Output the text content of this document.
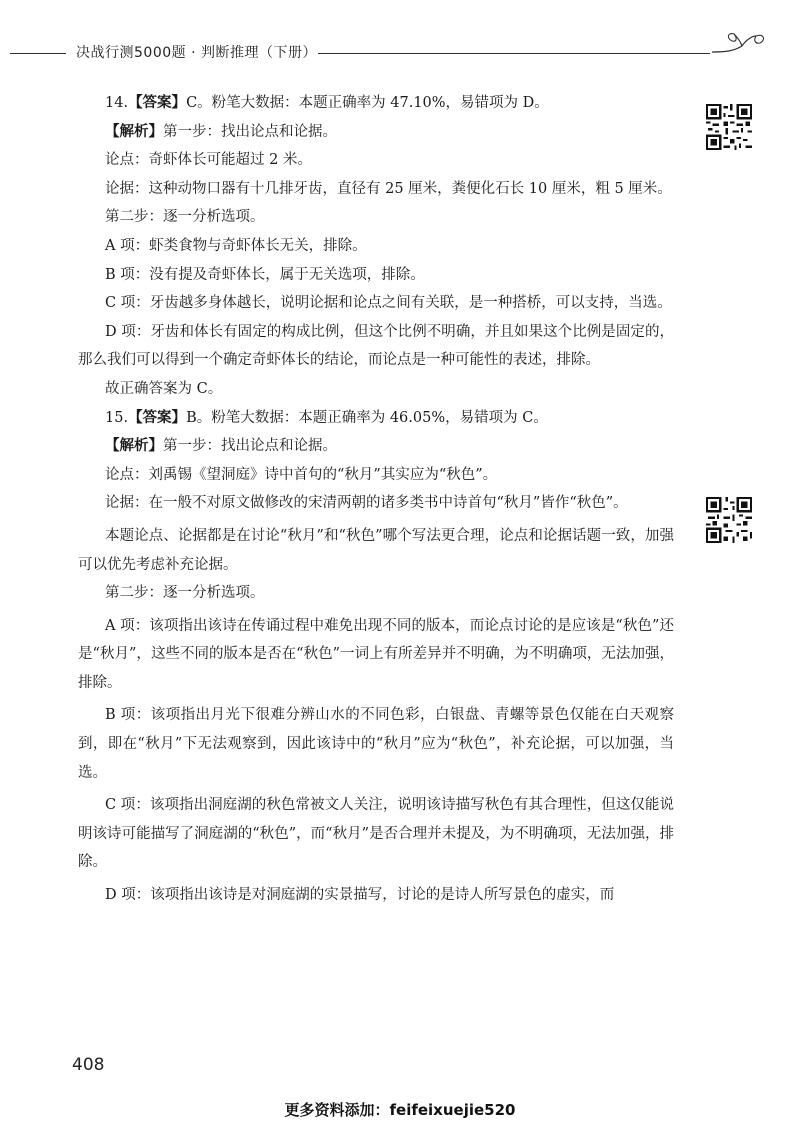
决战行测5000题 · 判断推理（下册）

14.【答案】C。粉笔大数据：本题正确率为 47.10%，易错项为 D。

【解析】第一步：找出论点和论据。

论点：奇虾体长可能超过 2 米。

论据：这种动物口器有十几排牙齿，直径有 25 厘米，粪便化石长 10 厘米，粗 5 厘米。

第二步：逐一分析选项。

A 项：虾类食物与奇虾体长无关，排除。

B 项：没有提及奇虾体长，属于无关选项，排除。

C 项：牙齿越多身体越长，说明论据和论点之间有关联，是一种搭桥，可以支持，当选。

D 项：牙齿和体长有固定的构成比例，但这个比例不明确，并且如果这个比例是固定的，那么我们可以得到一个确定奇虾体长的结论，而论点是一种可能性的表述，排除。

故正确答案为 C。

15.【答案】B。粉笔大数据：本题正确率为 46.05%，易错项为 C。

【解析】第一步：找出论点和论据。

论点：刘禹锡《望洞庭》诗中首句的“秋月”其实应为“秋色”。

论据：在一般不对原文做修改的宋清两朝的诸多类书中诗首句“秋月”皆作“秋色”。

本题论点、论据都是在讨论“秋月”和“秋色”哪个写法更合理，论点和论据话题一致，加强可以优先考虑补充论据。

第二步：逐一分析选项。

A 项：该项指出该诗在传诵过程中难免出现不同的版本，而论点讨论的是应该是“秋色”还是“秋月”，这些不同的版本是否在“秋色”一词上有所差异并不明确，为不明确项，无法加强，排除。

B 项：该项指出月光下很难分辨山水的不同色彩，白银盘、青螺等景色仅能在白天观察到，即在“秋月”下无法观察到，因此该诗中的“秋月”应为“秋色”，补充论据，可以加强，当选。

C 项：该项指出洞庭湖的秋色常被文人关注，说明该诗描写秋色有其合理性，但这仅能说明该诗可能描写了洞庭湖的“秋色”，而“秋月”是否合理并未提及，为不明确项，无法加强，排除。

D 项：该项指出该诗是对洞庭湖的实景描写，讨论的是诗人所写景色的虚实，而

408
更多资料添加：feifeixuejie520
